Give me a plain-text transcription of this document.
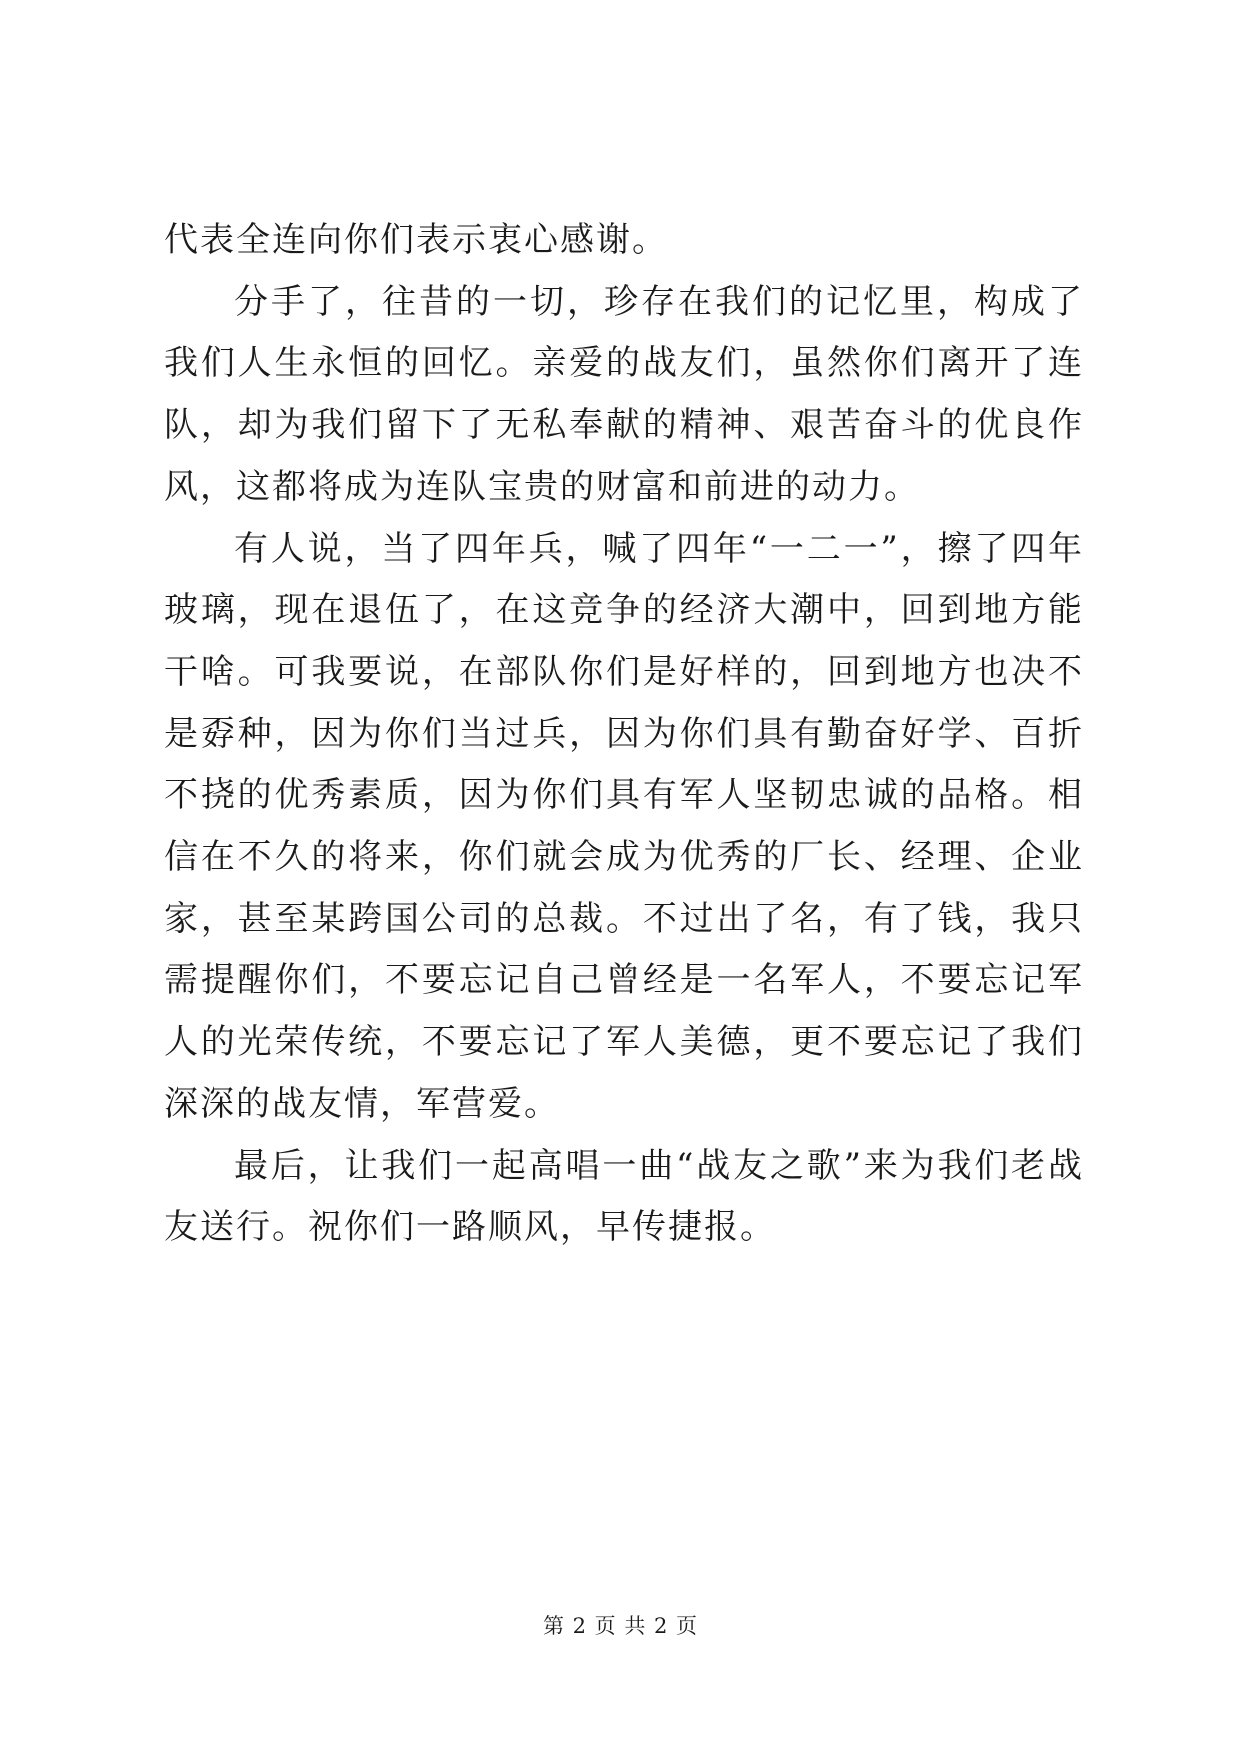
代表全连向你们表示衷心感谢。

分手了，往昔的一切，珍存在我们的记忆里，构成了我们人生永恒的回忆。亲爱的战友们，虽然你们离开了连队，却为我们留下了无私奉献的精神、艰苦奋斗的优良作风，这都将成为连队宝贵的财富和前进的动力。

有人说，当了四年兵，喊了四年“一二一”，擦了四年玻璃，现在退伍了，在这竞争的经济大潮中，回到地方能干啥。可我要说，在部队你们是好样的，回到地方也决不是孬种，因为你们当过兵，因为你们具有勤奋好学、百折不挠的优秀素质，因为你们具有军人坚韧忠诚的品格。相信在不久的将来，你们就会成为优秀的厂长、经理、企业家，甚至某跨国公司的总裁。不过出了名，有了钱，我只需提醒你们，不要忘记自己曾经是一名军人，不要忘记军人的光荣传统，不要忘记了军人美德，更不要忘记了我们深深的战友情，军营爱。

最后，让我们一起高唱一曲“战友之歌”来为我们老战友送行。祝你们一路顺风，早传捷报。

第 2 页 共 2 页
